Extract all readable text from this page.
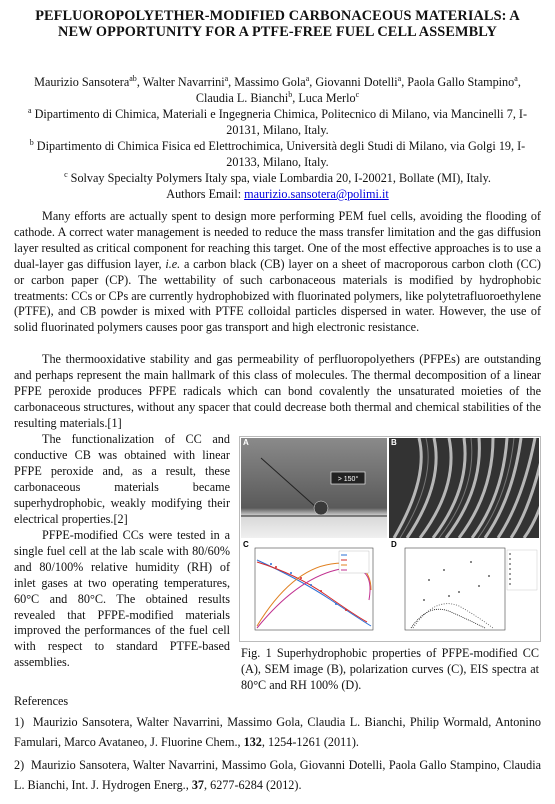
PEFLUOROPOLYETHER-MODIFIED CARBONACEOUS MATERIALS: A NEW OPPORTUNITY FOR A PTFE-FREE FUEL CELL ASSEMBLY
Maurizio Sansotera$^{ab}$, Walter Navarrini$^a$, Massimo Gola$^a$, Giovanni Dotelli$^a$, Paola Gallo Stampino$^a$, Claudia L. Bianchi$^b$, Luca Merlo$^c$
$^a$ Dipartimento di Chimica, Materiali e Ingegneria Chimica, Politecnico di Milano, via Mancinelli 7, I-20131, Milano, Italy.
$^b$ Dipartimento di Chimica Fisica ed Elettrochimica, Università degli Studi di Milano, via Golgi 19, I-20133, Milano, Italy.
$^c$ Solvay Specialty Polymers Italy spa, viale Lombardia 20, I-20021, Bollate (MI), Italy.
Authors Email: maurizio.sansotera@polimi.it
Many efforts are actually spent to design more performing PEM fuel cells, avoiding the flooding of cathode. A correct water management is needed to reduce the mass transfer limitation and the gas diffusion layer resulted as critical component for reaching this target. One of the most effective approaches is to use a dual-layer gas diffusion layer, i.e. a carbon black (CB) layer on a sheet of macroporous carbon cloth (CC) or carbon paper (CP). The wettability of such carbonaceous materials is modified by hydrophobic treatments: CCs or CPs are currently hydrophobized with fluorinated polymers, like polytetrafluoroethylene (PTFE), and CB powder is mixed with PTFE colloidal particles dispersed in water. However, the use of solid fluorinated polymers causes poor gas transport and high electronic resistance.
The thermooxidative stability and gas permeability of perfluoropolyethers (PFPEs) are outstanding and perhaps represent the main hallmark of this class of molecules. The thermal decomposition of a linear PFPE peroxide produces PFPE radicals which can bond covalently the unsaturated moieties of the carbonaceous structures, without any spacer that could decrease both thermal and chemical stabilities of the resulting materials.[1]
The functionalization of CC and conductive CB was obtained with linear PFPE peroxide and, as a result, these carbonaceous materials became superhydrophobic, weakly modifying their electrical properties.[2]
PFPE-modified CCs were tested in a single fuel cell at the lab scale with 80/60% and 80/100% relative humidity (RH) of inlet gases at two operating temperatures, 60°C and 80°C. The obtained results revealed that PFPE-modified materials improved the performances of the fuel cell with respect to standard PTFE-based assemblies.
A
> 150°
B
C	D
Fig. 1 Superhydrophobic properties of PFPE-modified CC (A), SEM image (B), polarization curves (C), EIS spectra at 80°C and RH 100% (D).
References
1) Maurizio Sansotera, Walter Navarrini, Massimo Gola, Claudia L. Bianchi, Philip Wormald, Antonino Famulari, Marco Avataneo, J. Fluorine Chem., 132, 1254-1261 (2011).
2) Maurizio Sansotera, Walter Navarrini, Massimo Gola, Giovanni Dotelli, Paola Gallo Stampino, Claudia L. Bianchi, Int. J. Hydrogen Energ., 37, 6277-6284 (2012).
